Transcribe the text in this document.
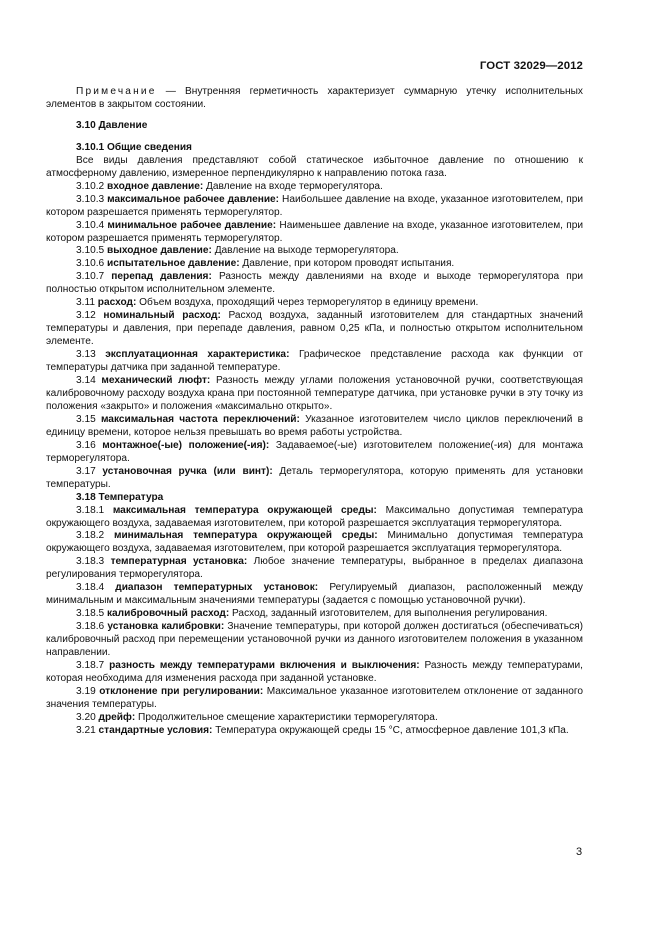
ГОСТ 32029—2012

Примечание — Внутренняя герметичность характеризует суммарную утечку исполнительных элементов в закрытом состоянии.

3.10 Давление

3.10.1 Общие сведения

Все виды давления представляют собой статическое избыточное давление по отношению к атмосферному давлению, измеренное перпендикулярно к направлению потока газа.

3.10.2 входное давление: Давление на входе терморегулятора.

3.10.3 максимальное рабочее давление: Наибольшее давление на входе, указанное изготовителем, при котором разрешается применять терморегулятор.

3.10.4 минимальное рабочее давление: Наименьшее давление на входе, указанное изготовителем, при котором разрешается применять терморегулятор.

3.10.5 выходное давление: Давление на выходе терморегулятора.

3.10.6 испытательное давление: Давление, при котором проводят испытания.

3.10.7 перепад давления: Разность между давлениями на входе и выходе терморегулятора при полностью открытом исполнительном элементе.

3.11 расход: Объем воздуха, проходящий через терморегулятор в единицу времени.

3.12 номинальный расход: Расход воздуха, заданный изготовителем для стандартных значений температуры и давления, при перепаде давления, равном 0,25 кПа, и полностью открытом исполнительном элементе.

3.13 эксплуатационная характеристика: Графическое представление расхода как функции от температуры датчика при заданной температуре.

3.14 механический люфт: Разность между углами положения установочной ручки, соответствующая калибровочному расходу воздуха крана при постоянной температуре датчика, при установке ручки в эту точку из положения «закрыто» и положения «максимально открыто».

3.15 максимальная частота переключений: Указанное изготовителем число циклов переключений в единицу времени, которое нельзя превышать во время работы устройства.

3.16 монтажное(-ые) положение(-ия): Задаваемое(-ые) изготовителем положение(-ия) для монтажа терморегулятора.

3.17 установочная ручка (или винт): Деталь терморегулятора, которую применять для установки температуры.

3.18 Температура

3.18.1 максимальная температура окружающей среды: Максимально допустимая температура окружающего воздуха, задаваемая изготовителем, при которой разрешается эксплуатация терморегулятора.

3.18.2 минимальная температура окружающей среды: Минимально допустимая температура окружающего воздуха, задаваемая изготовителем, при которой разрешается эксплуатация терморегулятора.

3.18.3 температурная установка: Любое значение температуры, выбранное в пределах диапазона регулирования терморегулятора.

3.18.4 диапазон температурных установок: Регулируемый диапазон, расположенный между минимальным и максимальным значениями температуры (задается с помощью установочной ручки).

3.18.5 калибровочный расход: Расход, заданный изготовителем, для выполнения регулирования.

3.18.6 установка калибровки: Значение температуры, при которой должен достигаться (обеспечиваться) калибровочный расход при перемещении установочной ручки из данного изготовителем положения в указанном направлении.

3.18.7 разность между температурами включения и выключения: Разность между температурами, которая необходима для изменения расхода при заданной установке.

3.19 отклонение при регулировании: Максимальное указанное изготовителем отклонение от заданного значения температуры.

3.20 дрейф: Продолжительное смещение характеристики терморегулятора.

3.21 стандартные условия: Температура окружающей среды 15 °C, атмосферное давление 101,3 кПа.

3
